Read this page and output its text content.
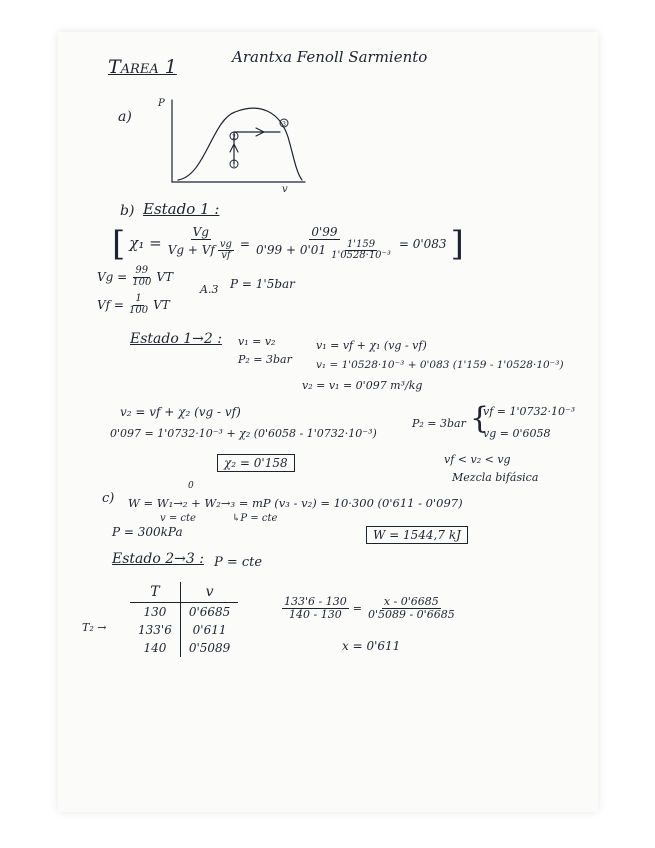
Tarea 1	Arantxa Fenoll Sarmiento
a)
1
2
3
P
v
b) Estado 1 :
[ $\chi_1 = \frac{Vg}{Vg + Vf \frac{vg}{vf}} = \frac{0'99}{0'99 + 0'01 \frac{1'159}{\text{1'0528·10⁻³}}} = 0'083$ ]
$Vg = \frac{99}{100}$ VT
$Vf = \frac{1}{100}$ VT
A.3 P = 1'5bar
Estado 1→2 : v₁ = v₂
P₂ = 3bar
v₁ = vf + χ₁ (vg - vf)
v₁ = 1'0528·10⁻³ + 0'083 (1'159 - 1'0528·10⁻³)
v₂ = v₁ = 0'097 m³/kg
v₂ = vf + χ₂ (vg - vf)
0'097 = 1'0732·10⁻³ + χ₂ (0'6058 - 1'0732·10⁻³)
χ₂ = 0'158
P₂ = 3bar {
vf = 1'0732·10⁻³
vg = 0'6058
vf < v₂ < vg
Mezcla bifásica
c) W = W₁→₂ + W₂→₃ = mP (v₃ - v₂) = 10·300 (0'611 - 0'097)
0
v = cte	↳P = cte
P = 300kPa	W = 1544,7 kJ
Estado 2→3 : P = cte
T	v
130	0'6685
133'6	0'611
140	0'5089
T₂ →
$\frac{133'6 - 130}{140 - 130} = \frac{x - 0'6685}{0'5089 - 0'6685}$
x = 0'611
